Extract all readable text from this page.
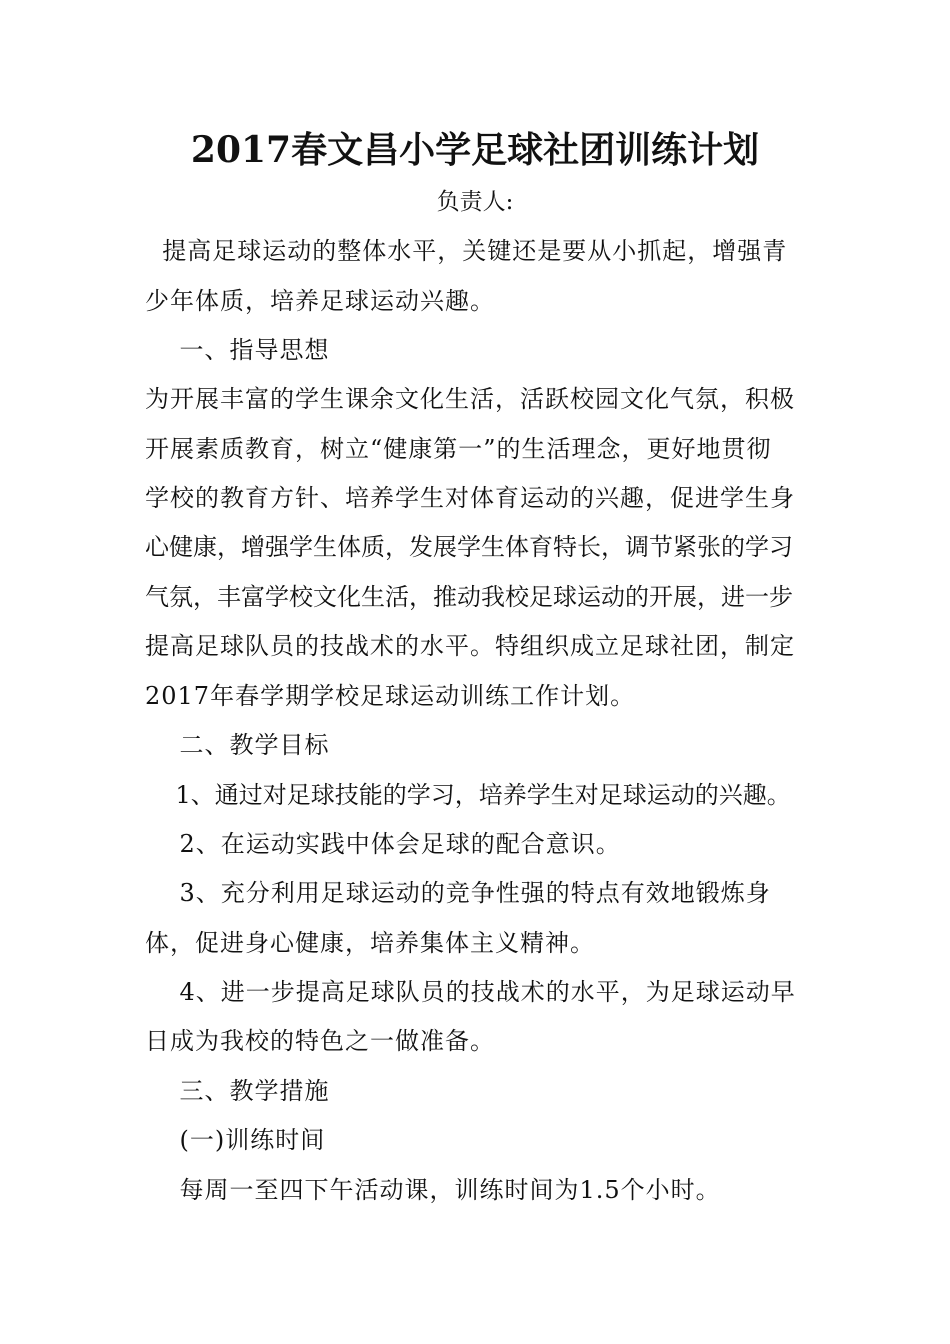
2017春文昌小学足球社团训练计划
负责人:
提高足球运动的整体水平，关键还是要从小抓起，增强青
少年体质，培养足球运动兴趣。
一、指导思想
为开展丰富的学生课余文化生活，活跃校园文化气氛，积极
开展素质教育，树立“健康第一”的生活理念，更好地贯彻
学校的教育方针、培养学生对体育运动的兴趣，促进学生身
心健康，增强学生体质，发展学生体育特长，调节紧张的学习
气氛，丰富学校文化生活，推动我校足球运动的开展，进一步
提高足球队员的技战术的水平。特组织成立足球社团，制定
2017年春学期学校足球运动训练工作计划。
二、教学目标
1、通过对足球技能的学习，培养学生对足球运动的兴趣。
2、在运动实践中体会足球的配合意识。
3、充分利用足球运动的竞争性强的特点有效地锻炼身
体，促进身心健康，培养集体主义精神。
4、进一步提高足球队员的技战术的水平，为足球运动早
日成为我校的特色之一做准备。
三、教学措施
(一)训练时间
每周一至四下午活动课，训练时间为1.5个小时。
